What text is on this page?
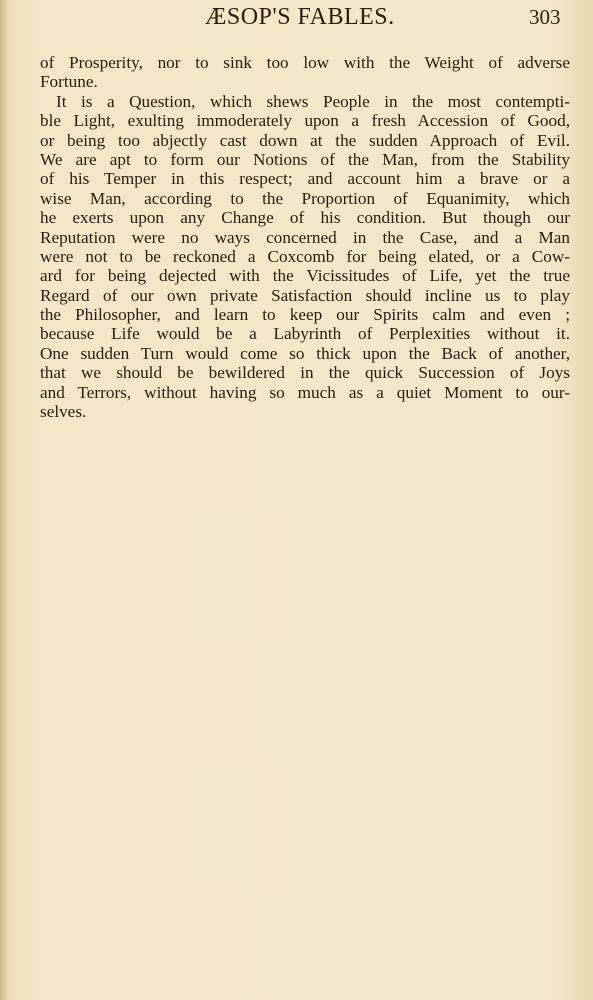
ÆSOP'S FABLES.	303
of Prosperity, nor to sink too low with the Weight of adverse
Fortune.
It is a Question, which shews People in the most contempti-
ble Light, exulting immoderately upon a fresh Accession of Good,
or being too abjectly cast down at the sudden Approach of Evil.
We are apt to form our Notions of the Man, from the Stability
of his Temper in this respect; and account him a brave or a
wise Man, according to the Proportion of Equanimity, which
he exerts upon any Change of his condition. But though our
Reputation were no ways concerned in the Case, and a Man
were not to be reckoned a Coxcomb for being elated, or a Cow-
ard for being dejected with the Vicissitudes of Life, yet the true
Regard of our own private Satisfaction should incline us to play
the Philosopher, and learn to keep our Spirits calm and even ;
because Life would be a Labyrinth of Perplexities without it.
One sudden Turn would come so thick upon the Back of another,
that we should be bewildered in the quick Succession of Joys
and Terrors, without having so much as a quiet Moment to our-
selves.
